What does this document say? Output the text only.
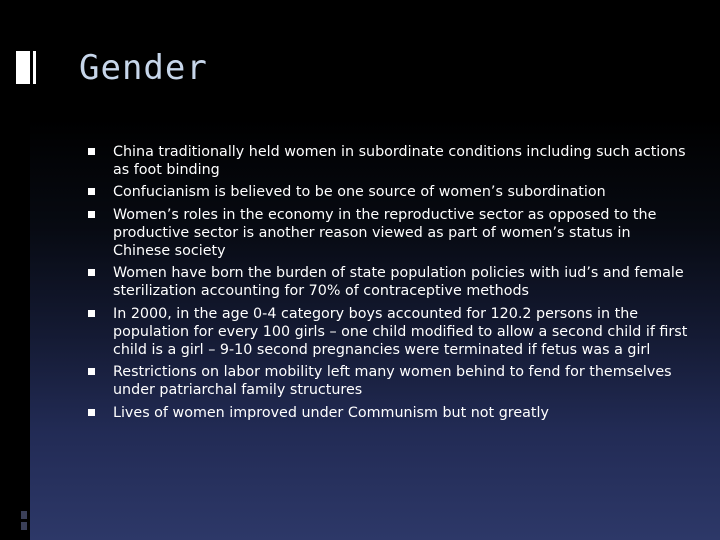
Gender
China traditionally held women in subordinate conditions including such actions as foot binding
Confucianism is believed to be one source of women’s subordination
Women’s roles in the economy in the reproductive sector as opposed to the productive sector is another reason viewed as part of women’s status in Chinese society
Women have born the burden of state population policies with iud’s and female sterilization accounting for 70% of contraceptive methods
In 2000, in the age 0-4 category boys accounted for 120.2 persons in the population for every 100 girls – one child modified to allow a second child if first child is a girl – 9-10 second pregnancies were terminated if fetus was a girl
Restrictions on labor mobility left many women behind to fend for themselves under patriarchal family structures
Lives of women improved under Communism but not greatly
